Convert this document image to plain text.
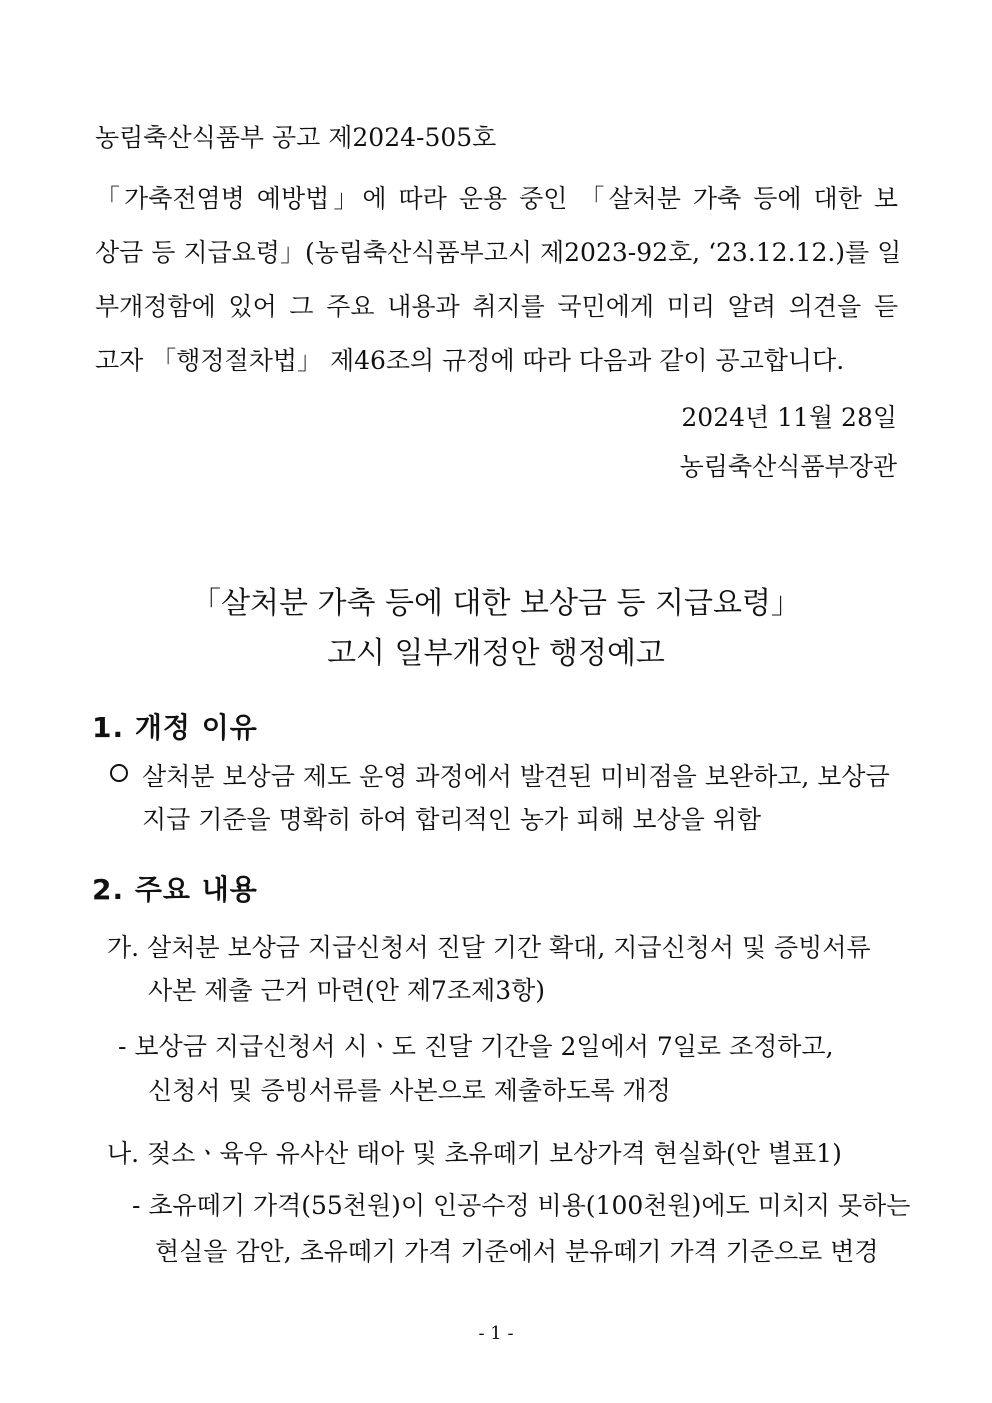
농림축산식품부 공고 제2024-505호
「가축전염병 예방법」에 따라 운용 중인 「살처분 가축 등에 대한 보
상금 등 지급요령」(농림축산식품부고시 제2023-92호, ‘23.12.12.)를 일
부개정함에 있어 그 주요 내용과 취지를 국민에게 미리 알려 의견을 듣
고자 「행정절차법」 제46조의 규정에 따라 다음과 같이 공고합니다.
2024년 11월 28일
농림축산식품부장관
「살처분 가축 등에 대한 보상금 등 지급요령」
고시 일부개정안 행정예고
1. 개정 이유
살처분 보상금 제도 운영 과정에서 발견된 미비점을 보완하고, 보상금
지급 기준을 명확히 하여 합리적인 농가 피해 보상을 위함
2. 주요 내용
가. 살처분 보상금 지급신청서 진달 기간 확대, 지급신청서 및 증빙서류
사본 제출 근거 마련(안 제7조제3항)
- 보상금 지급신청서 시ㆍ도 진달 기간을 2일에서 7일로 조정하고,
신청서 및 증빙서류를 사본으로 제출하도록 개정
나. 젖소ㆍ육우 유사산 태아 및 초유떼기 보상가격 현실화(안 별표1)
- 초유떼기 가격(55천원)이 인공수정 비용(100천원)에도 미치지 못하는
현실을 감안, 초유떼기 가격 기준에서 분유떼기 가격 기준으로 변경
- 1 -
